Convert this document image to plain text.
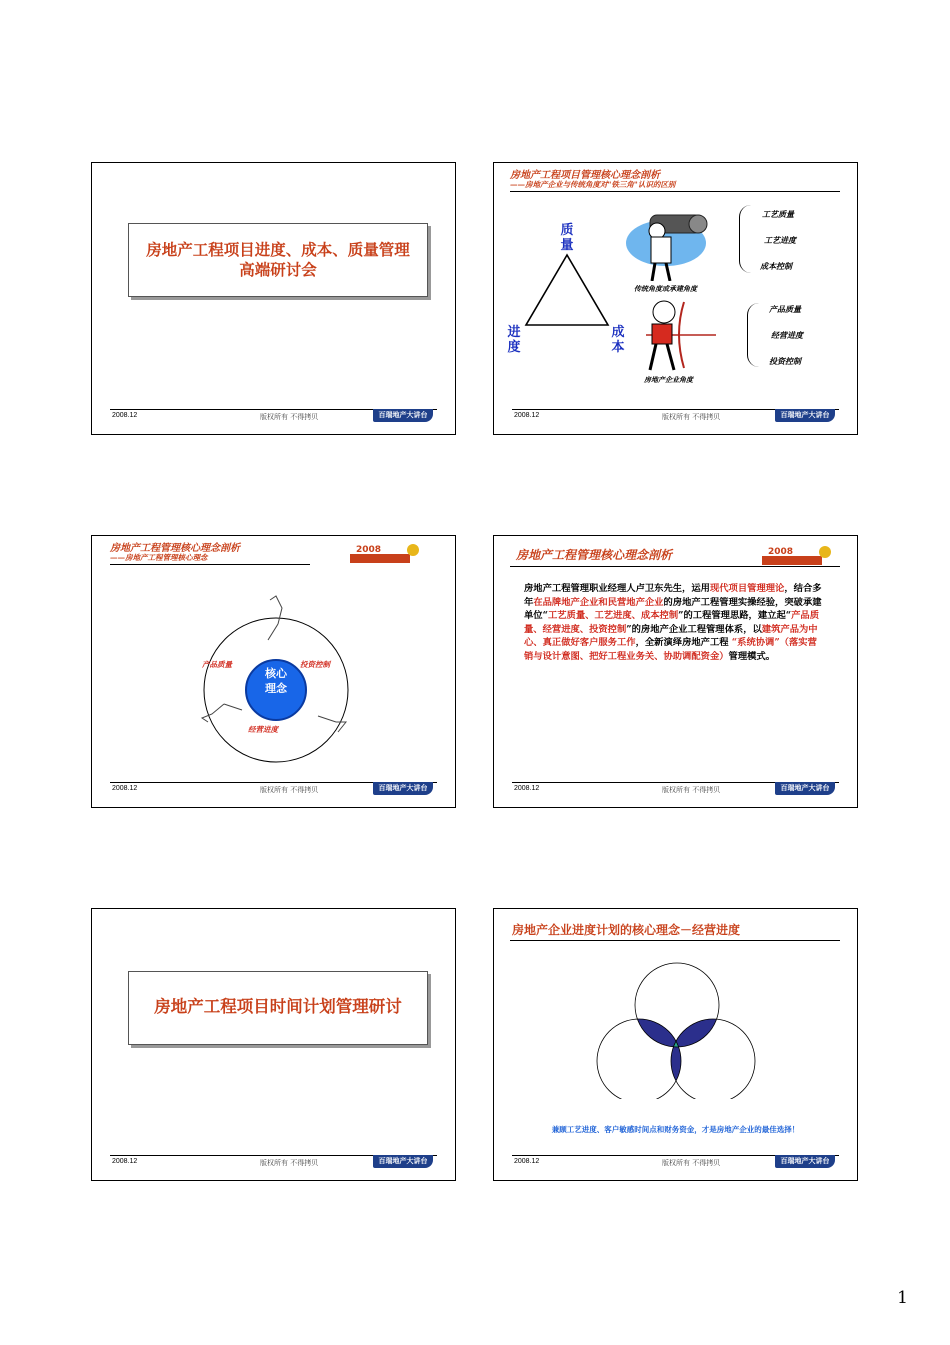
房地产工程项目进度、成本、质量管理
高端研讨会
2008.12	版权所有 不得拷贝	百瑞地产大讲台
房地产工程项目管理核心理念剖析
——房地产企业与传统角度对"铁三角"认识的区别
质
量
进
度
成
本
传统角度或承建角度
工艺质量
工艺进度
成本控制
房地产企业角度
产品质量
经营进度
投资控制
2008.12	版权所有 不得拷贝	百瑞地产大讲台
房地产工程管理核心理念剖析
——房地产工程管理核心理念
2008
核心
理念
产品质量	投资控制
经营进度
2008.12	版权所有 不得拷贝	百瑞地产大讲台
房地产工程管理核心理念剖析	2008
房地产工程管理职业经理人卢卫东先生，运用现代项目管理理论，结合多年在品牌地产企业和民营地产企业的房地产工程管理实操经验，突破承建单位“工艺质量、工艺进度、成本控制”的工程管理思路，建立起“产品质量、经营进度、投资控制”的房地产企业工程管理体系，以建筑产品为中心、真正做好客户服务工作，全新演绎房地产工程 “系统协调”（落实营销与设计意图、把好工程业务关、协助调配资金）管理模式。
2008.12	版权所有 不得拷贝	百瑞地产大讲台
房地产工程项目时间计划管理研讨
2008.12	版权所有 不得拷贝	百瑞地产大讲台
房地产企业进度计划的核心理念－经营进度
兼顾工艺进度、客户敏感时间点和财务资金，才是房地产企业的最佳选择！
2008.12	版权所有 不得拷贝	百瑞地产大讲台
1
